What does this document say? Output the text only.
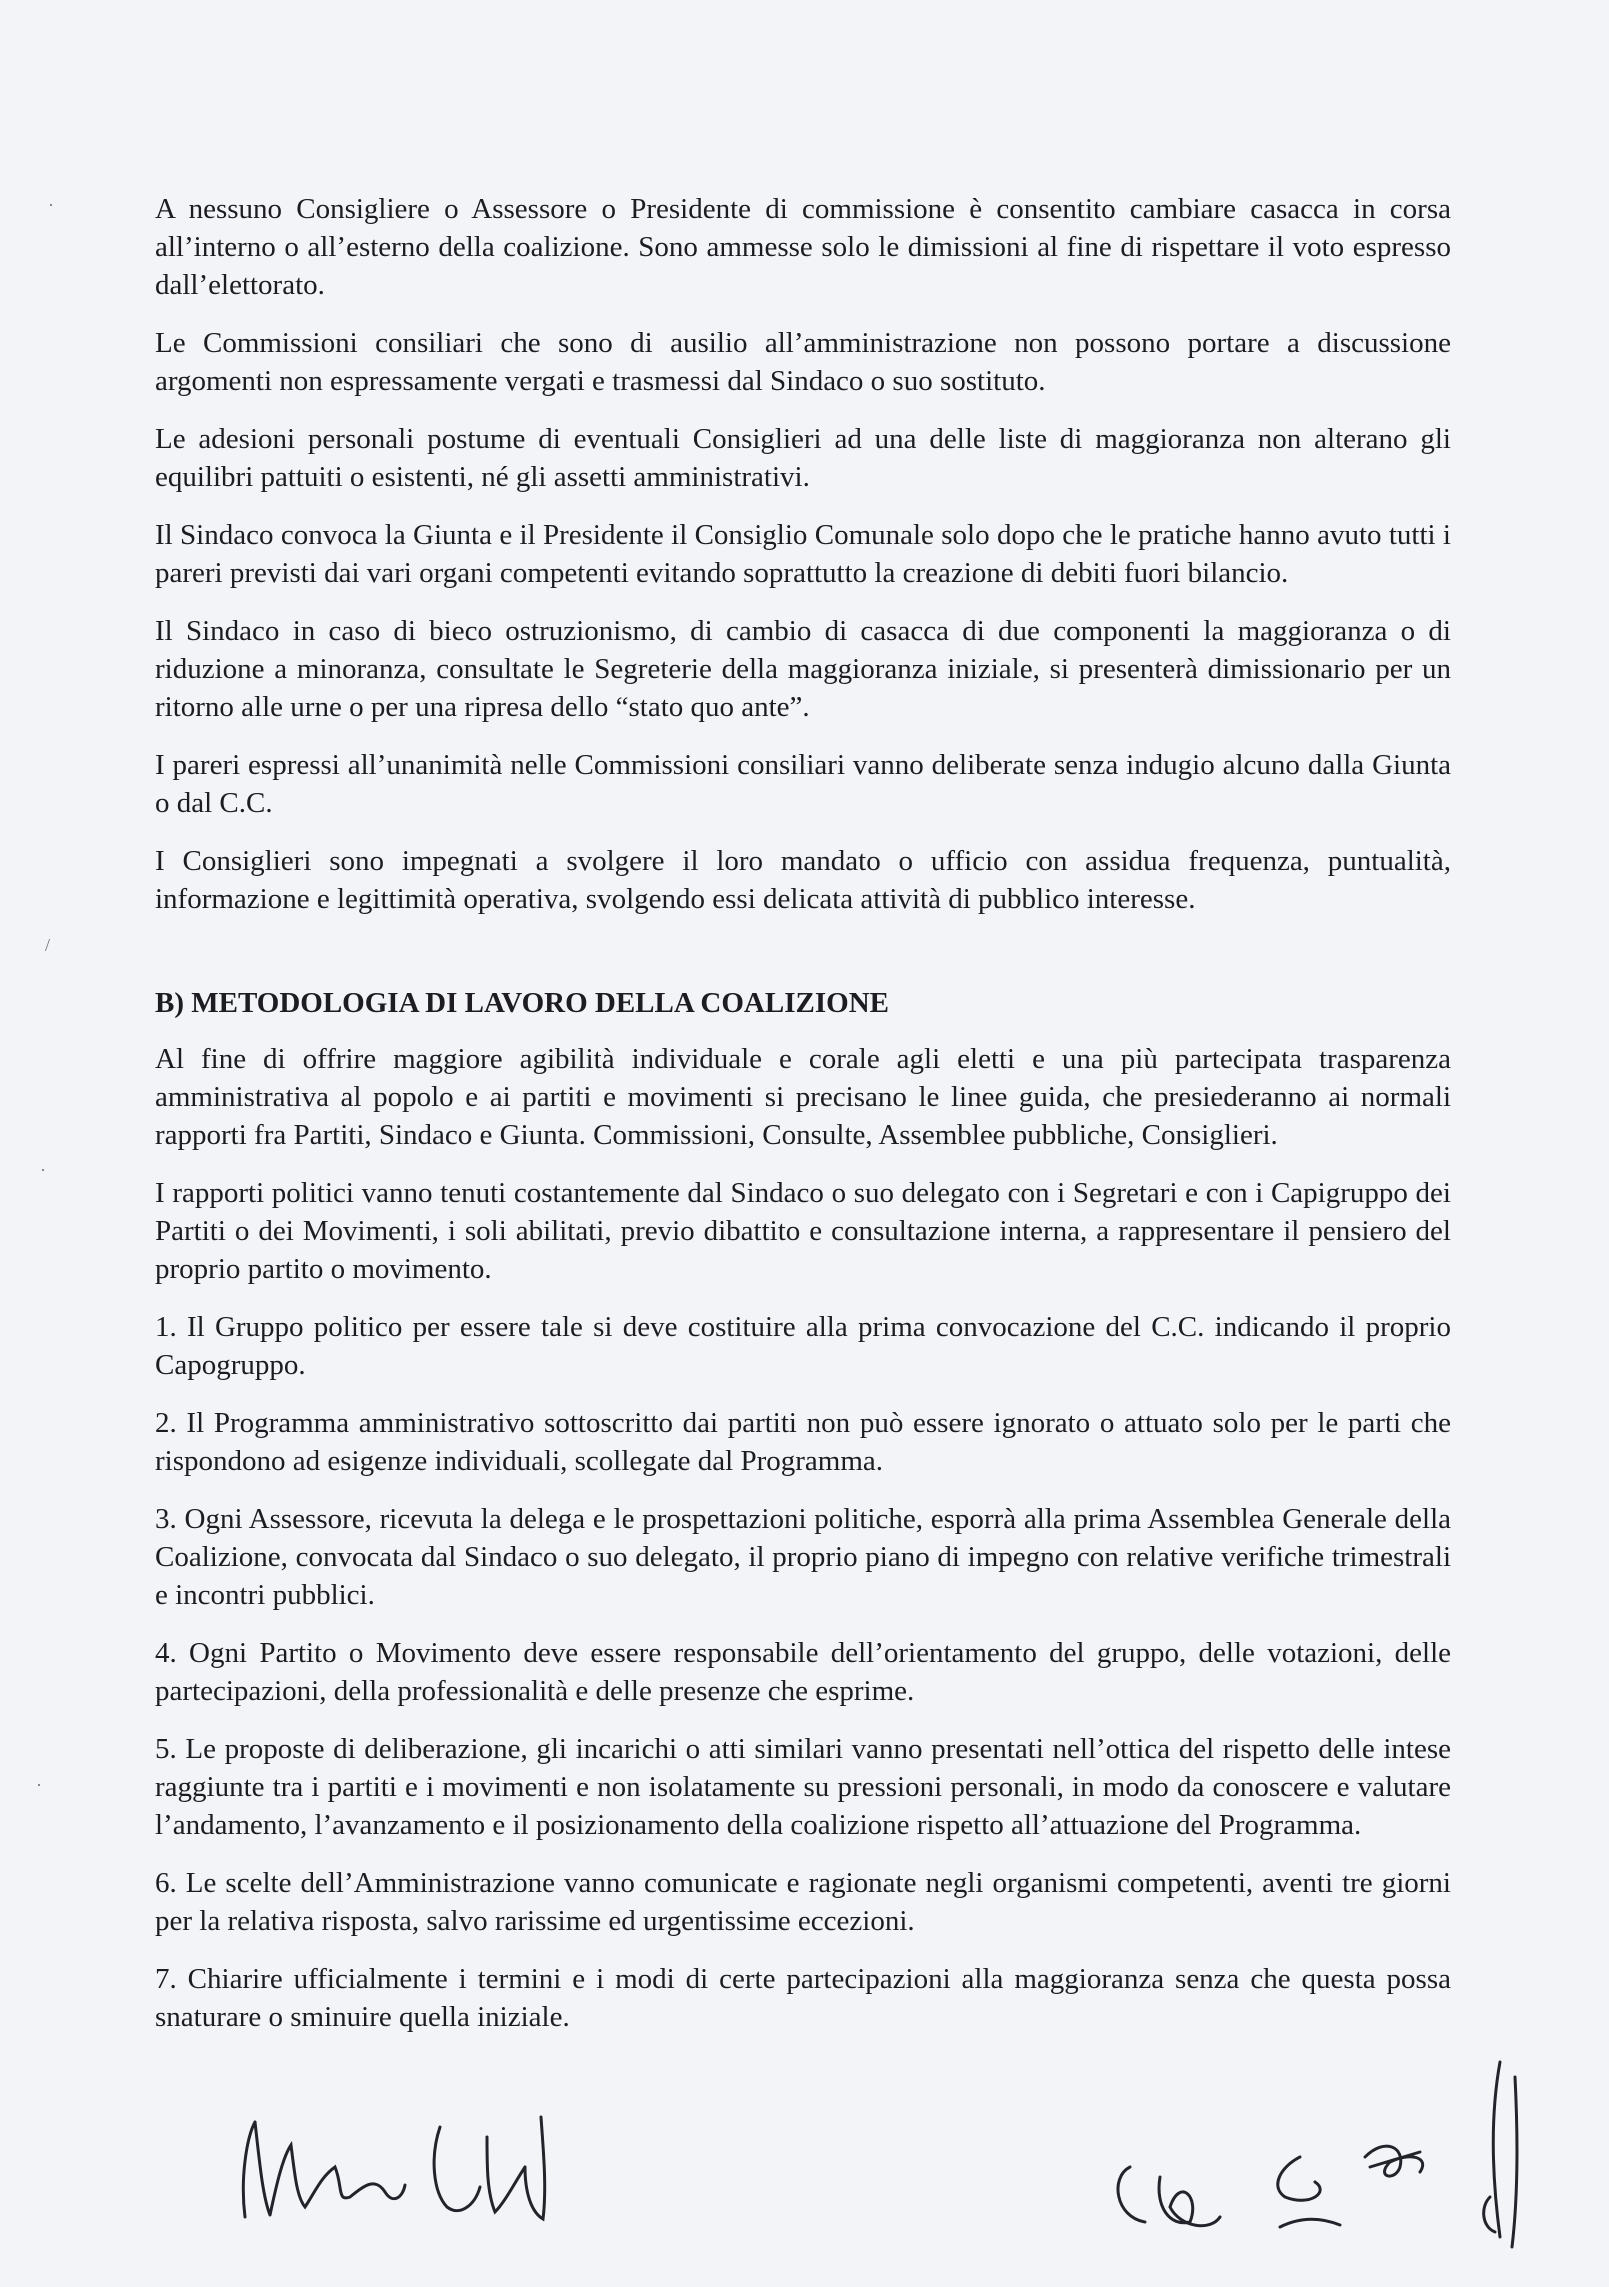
A nessuno Consigliere o Assessore o Presidente di commissione è consentito cambiare casacca in corsa all’interno o all’esterno della coalizione. Sono ammesse solo le dimissioni al fine di rispettare il voto espresso dall’elettorato.

Le Commissioni consiliari che sono di ausilio all’amministrazione non possono portare a discussione argomenti non espressamente vergati e trasmessi dal Sindaco o suo sostituto.

Le adesioni personali postume di eventuali Consiglieri ad una delle liste di maggioranza non alterano gli equilibri pattuiti o esistenti, né gli assetti amministrativi.

Il Sindaco convoca la Giunta e il Presidente il Consiglio Comunale solo dopo che le pratiche hanno avuto tutti i pareri previsti dai vari organi competenti evitando soprattutto la creazione di debiti fuori bilancio.

Il Sindaco in caso di bieco ostruzionismo, di cambio di casacca di due componenti la maggioranza o di riduzione a minoranza, consultate le Segreterie della maggioranza iniziale, si presenterà dimissionario per un ritorno alle urne o per una ripresa dello “stato quo ante”.

I pareri espressi all’unanimità nelle Commissioni consiliari vanno deliberate senza indugio alcuno dalla Giunta o dal C.C.

I Consiglieri sono impegnati a svolgere il loro mandato o ufficio con assidua frequenza, puntualità, informazione e legittimità operativa, svolgendo essi delicata attività di pubblico interesse.

B) METODOLOGIA DI LAVORO DELLA COALIZIONE

Al fine di offrire maggiore agibilità individuale e corale agli eletti e una più partecipata trasparenza amministrativa al popolo e ai partiti e movimenti si precisano le linee guida, che presiederanno ai normali rapporti fra Partiti, Sindaco e Giunta. Commissioni, Consulte, Assemblee pubbliche, Consiglieri.

I rapporti politici vanno tenuti costantemente dal Sindaco o suo delegato con i Segretari e con i Capigruppo dei Partiti o dei Movimenti, i soli abilitati, previo dibattito e consultazione interna, a rappresentare il pensiero del proprio partito o movimento.

1. Il Gruppo politico per essere tale si deve costituire alla prima convocazione del C.C. indicando il proprio Capogruppo.

2. Il Programma amministrativo sottoscritto dai partiti non può essere ignorato o attuato solo per le parti che rispondono ad esigenze individuali, scollegate dal Programma.

3. Ogni Assessore, ricevuta la delega e le prospettazioni politiche, esporrà alla prima Assemblea Generale della Coalizione, convocata dal Sindaco o suo delegato, il proprio piano di impegno con relative verifiche trimestrali e incontri pubblici.

4. Ogni Partito o Movimento deve essere responsabile dell’orientamento del gruppo, delle votazioni, delle partecipazioni, della professionalità e delle presenze che esprime.

5. Le proposte di deliberazione, gli incarichi o atti similari vanno presentati nell’ottica del rispetto delle intese raggiunte tra i partiti e i movimenti e non isolatamente su pressioni personali, in modo da conoscere e valutare l’andamento, l’avanzamento e il posizionamento della coalizione rispetto all’attuazione del Programma.

6. Le scelte dell’Amministrazione vanno comunicate e ragionate negli organismi competenti, aventi tre giorni per la relativa risposta, salvo rarissime ed urgentissime eccezioni.

7. Chiarire ufficialmente i termini e i modi di certe partecipazioni alla maggioranza senza che questa possa snaturare o sminuire quella iniziale.

·
/
·
·
